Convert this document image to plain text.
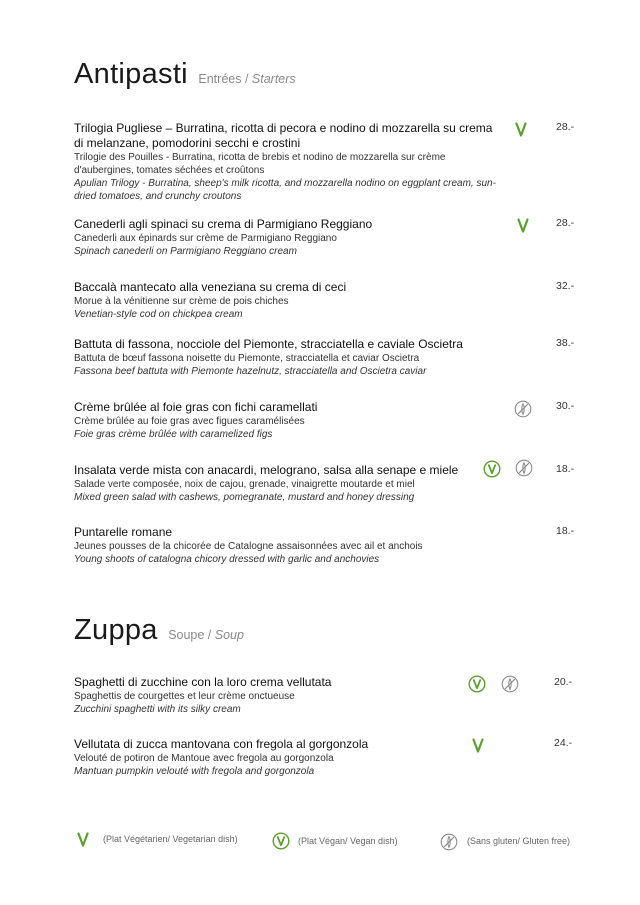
Antipasti Entrées / Starters
Trilogia Pugliese – Burratina, ricotta di pecora e nodino di mozzarella su crema di melanzane, pomodorini secchi e crostini
Trilogie des Pouilles - Burratina, ricotta de brebis et nodino de mozzarella sur crème d'aubergines, tomates séchées et croûtons
Apulian Trilogy - Burratina, sheep's milk ricotta, and mozzarella nodino on eggplant cream, sun-dried tomatoes, and crunchy croutons
28.-
Canederli agli spinaci su crema di Parmigiano Reggiano
Canederli aux épinards sur crème de Parmigiano Reggiano
Spinach canederli on Parmigiano Reggiano cream
28.-
Baccalà mantecato alla veneziana su crema di ceci
Morue à la vénitienne sur crème de pois chiches
Venetian-style cod on chickpea cream
32.-
Battuta di fassona, nocciole del Piemonte, stracciatella e caviale Oscietra
Battuta de bœuf fassona noisette du Piemonte, stracciatella et caviar Oscietra
Fassona beef battuta with Piemonte hazelnutz, stracciatella and Oscietra caviar
38.-
Crème brûlée al foie gras con fichi caramellati
Crème brûlée au foie gras avec figues caramélisées
Foie gras crème brûlée with caramelized figs
30.-
Insalata verde mista con anacardi, melograno, salsa alla senape e miele
Salade verte composée, noix de cajou, grenade, vinaigrette moutarde et miel
Mixed green salad with cashews, pomegranate, mustard and honey dressing
18.-
Puntarelle romane
Jeunes pousses de la chicorée de Catalogne assaisonnées avec ail et anchois
Young shoots of catalogna chicory dressed with garlic and anchovies
18.-
Zuppa Soupe / Soup
Spaghetti di zucchine con la loro crema vellutata
Spaghettis de courgettes et leur crème onctueuse
Zucchini spaghetti with its silky cream
20.-
Vellutata di zucca mantovana con fregola al gorgonzola
Velouté de potiron de Mantoue avec fregola au gorgonzola
Mantuan pumpkin velouté with fregola and gorgonzola
24.-
(Plat Végétarien/ Vegetarian dish)	(Plat Végan/ Vegan dish)	(Sans gluten/ Gluten free)
